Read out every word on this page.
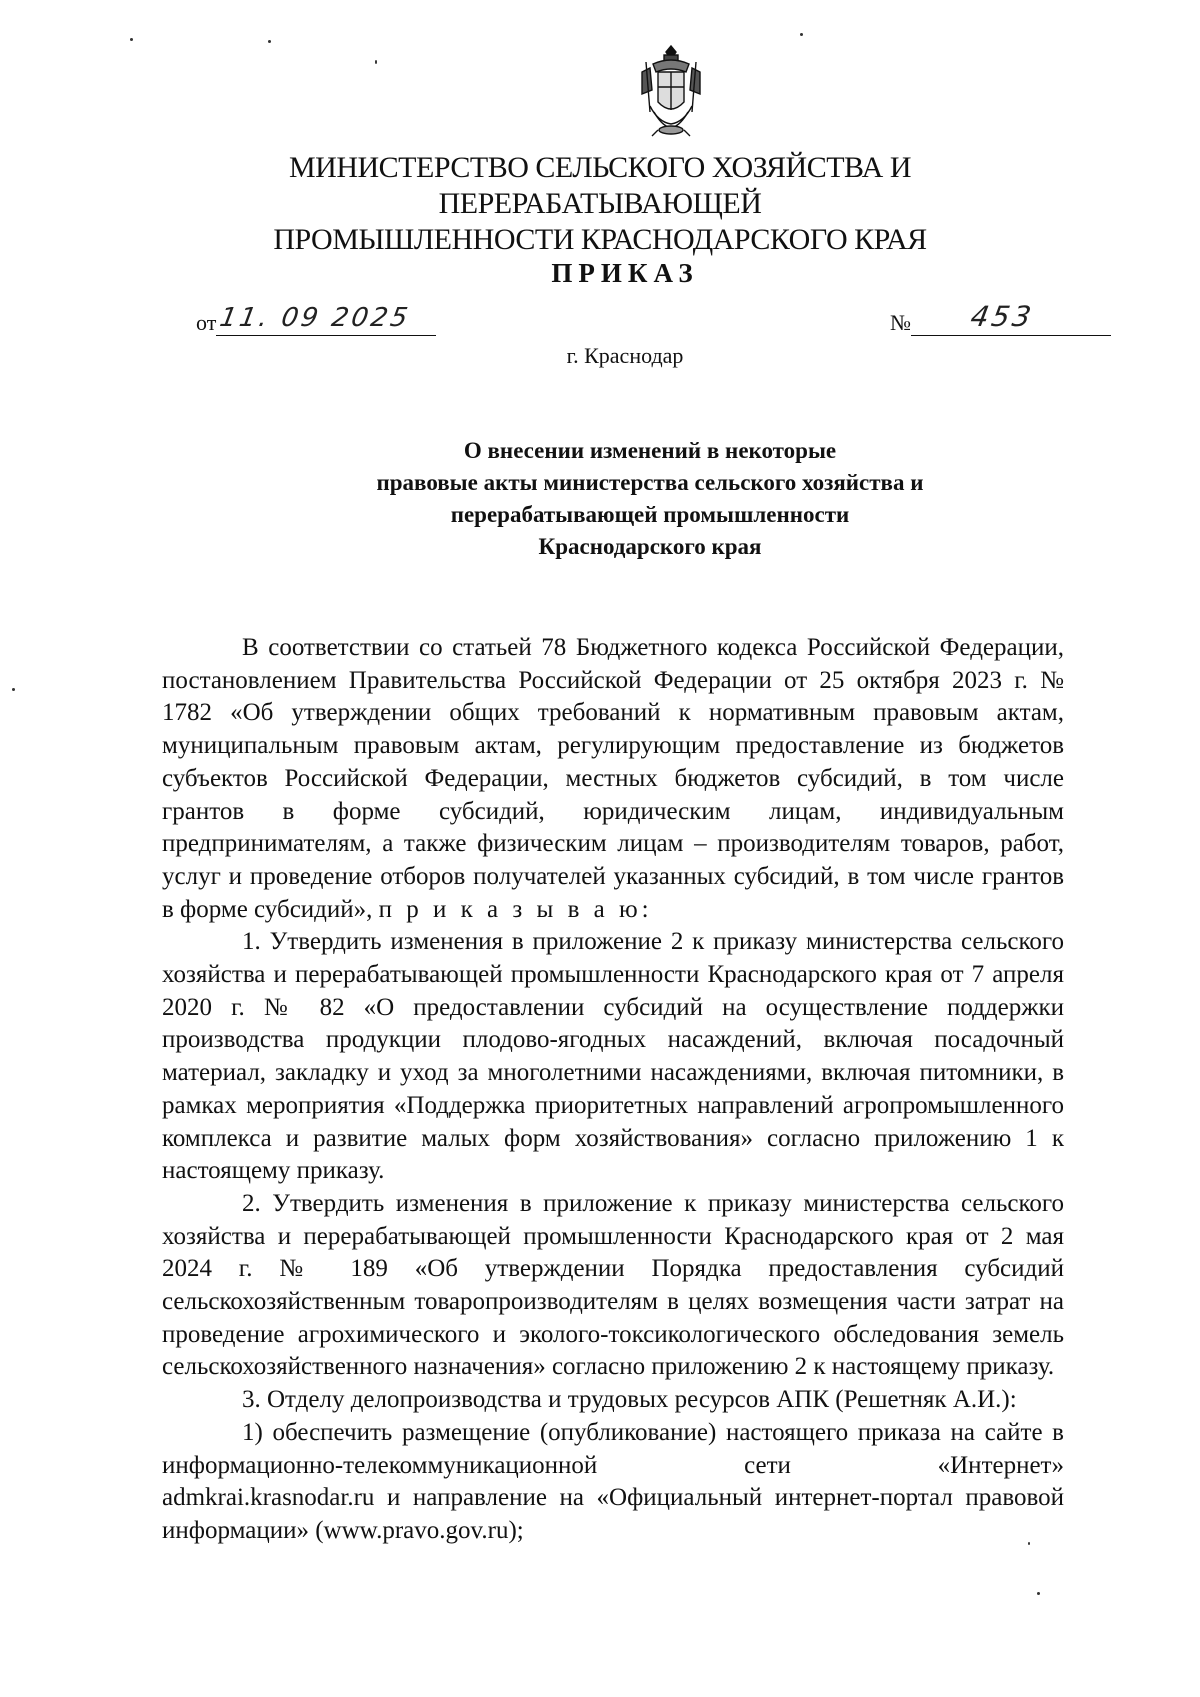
МИНИСТЕРСТВО СЕЛЬСКОГО ХОЗЯЙСТВА И ПЕРЕРАБАТЫВАЮЩЕЙ
ПРОМЫШЛЕННОСТИ КРАСНОДАРСКОГО КРАЯ
ПРИКАЗ
от 11. 09 2025	№ 453
г. Краснодар
О внесении изменений в некоторые
правовые акты министерства сельского хозяйства и
перерабатывающей промышленности
Краснодарского края

В соответствии со статьей 78 Бюджетного кодекса Российской Федерации, постановлением Правительства Российской Федерации от 25 октября 2023 г. № 1782 «Об утверждении общих требований к нормативным правовым актам, муниципальным правовым актам, регулирующим предоставление из бюджетов субъектов Российской Федерации, местных бюджетов субсидий, в том числе грантов в форме субсидий, юридическим лицам, индивидуальным предпринимателям, а также физическим лицам – производителям товаров, работ, услуг и проведение отборов получателей указанных субсидий, в том числе грантов в форме субсидий», п р и к а з ы в а ю:

1. Утвердить изменения в приложение 2 к приказу министерства сельского хозяйства и перерабатывающей промышленности Краснодарского края от 7 апреля 2020 г. № 82 «О предоставлении субсидий на осуществление поддержки производства продукции плодово-ягодных насаждений, включая посадочный материал, закладку и уход за многолетними насаждениями, включая питомники, в рамках мероприятия «Поддержка приоритетных направлений агропромышленного комплекса и развитие малых форм хозяйствования» согласно приложению 1 к настоящему приказу.

2. Утвердить изменения в приложение к приказу министерства сельского хозяйства и перерабатывающей промышленности Краснодарского края от 2 мая 2024 г. № 189 «Об утверждении Порядка предоставления субсидий сельскохозяйственным товаропроизводителям в целях возмещения части затрат на проведение агрохимического и эколого-токсикологического обследования земель сельскохозяйственного назначения» согласно приложению 2 к настоящему приказу.

3. Отделу делопроизводства и трудовых ресурсов АПК (Решетняк А.И.):

1) обеспечить размещение (опубликование) настоящего приказа на сайте в информационно-телекоммуникационной сети «Интернет»

admkrai.krasnodar.ru и направление на «Официальный интернет-портал правовой информации» (www.pravo.gov.ru);
